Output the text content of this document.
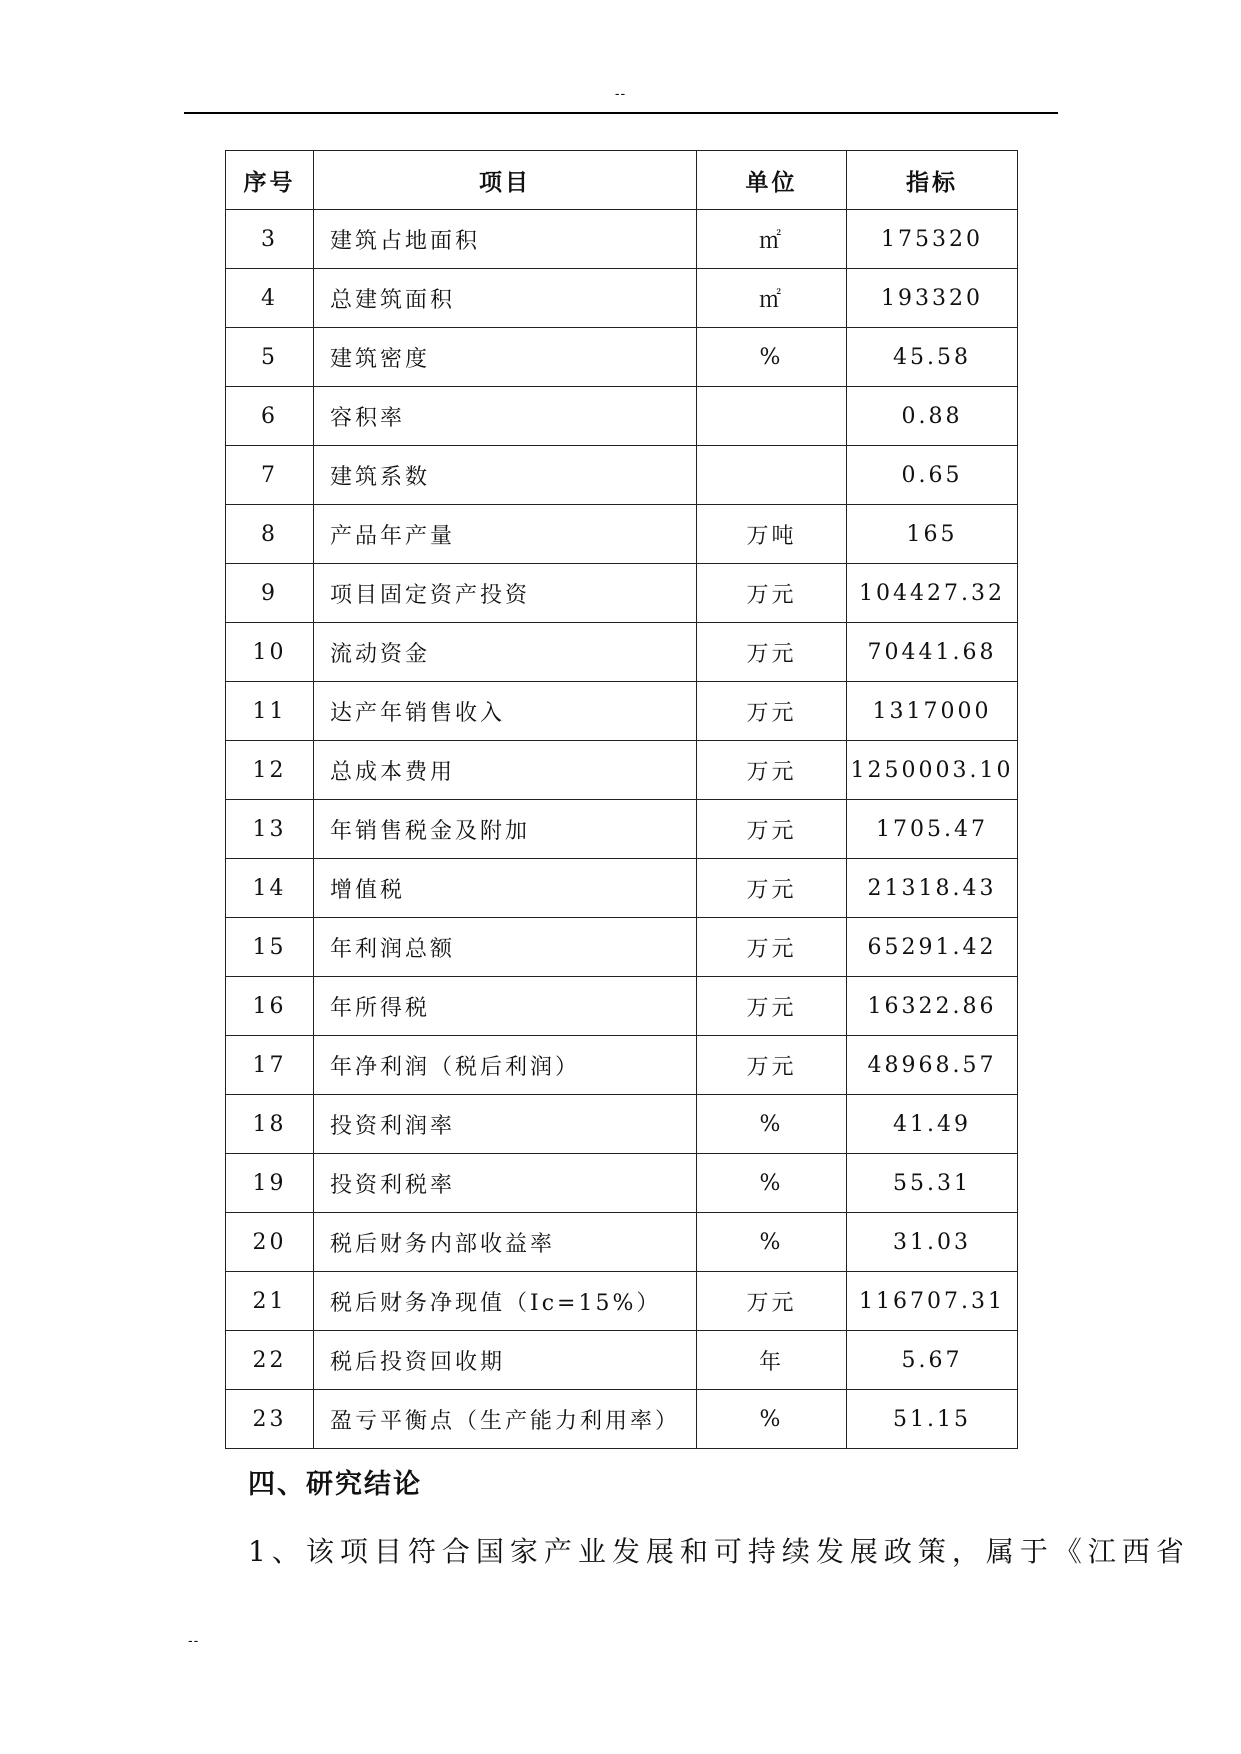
--
序号	项目	单位	指标
3	建筑占地面积	㎡	175320
4	总建筑面积	㎡	193320
5	建筑密度	%	45.58
6	容积率		0.88
7	建筑系数		0.65
8	产品年产量	万吨	165
9	项目固定资产投资	万元	104427.32
10	流动资金	万元	70441.68
11	达产年销售收入	万元	1317000
12	总成本费用	万元	1250003.10
13	年销售税金及附加	万元	1705.47
14	增值税	万元	21318.43
15	年利润总额	万元	65291.42
16	年所得税	万元	16322.86
17	年净利润（税后利润）	万元	48968.57
18	投资利润率	%	41.49
19	投资利税率	%	55.31
20	税后财务内部收益率	%	31.03
21	税后财务净现值（Ic=15%）	万元	116707.31
22	税后投资回收期	年	5.67
23	盈亏平衡点（生产能力利用率）	%	51.15
四、研究结论
1、该项目符合国家产业发展和可持续发展政策，属于《江西省
--
